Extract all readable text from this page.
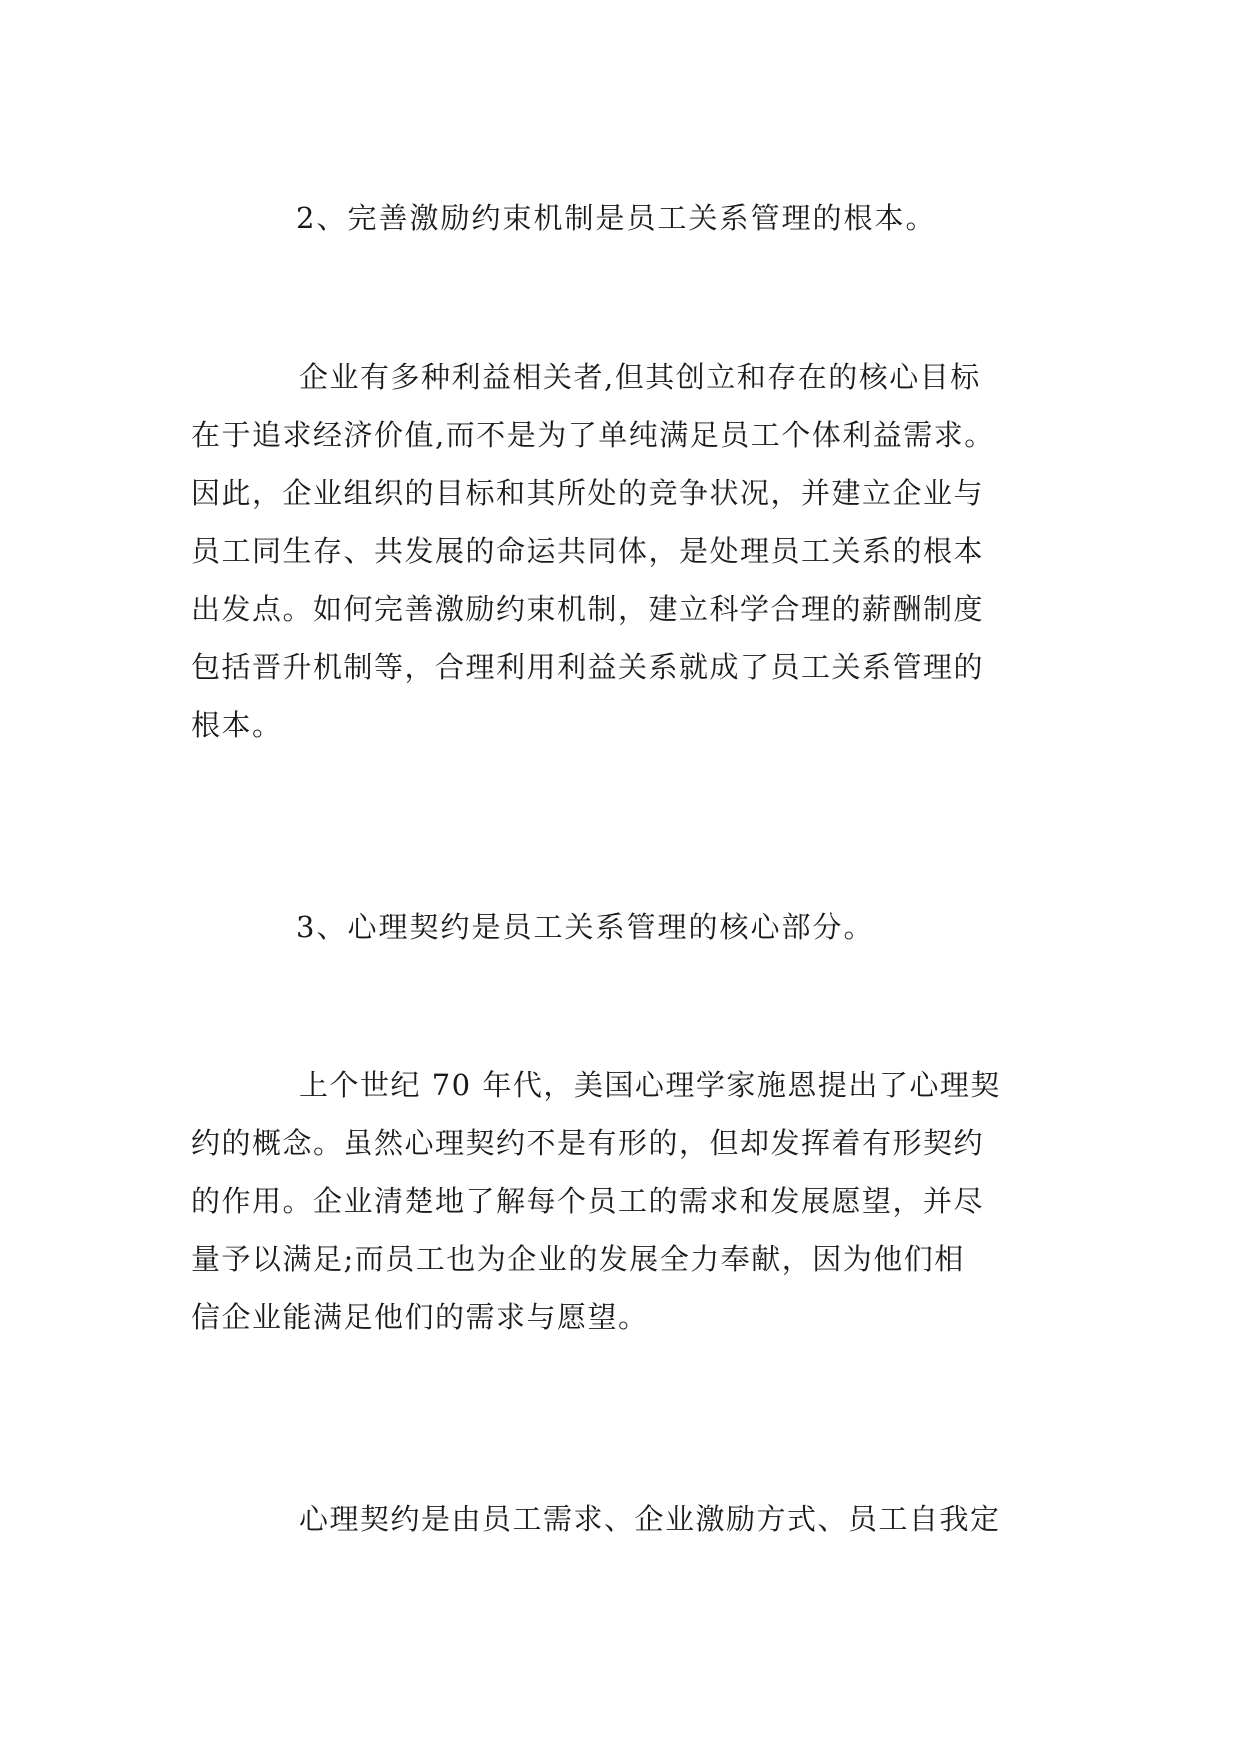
2、完善激励约束机制是员工关系管理的根本。

企业有多种利益相关者,但其创立和存在的核心目标
在于追求经济价值,而不是为了单纯满足员工个体利益需求。
因此，企业组织的目标和其所处的竞争状况，并建立企业与
员工同生存、共发展的命运共同体，是处理员工关系的根本
出发点。如何完善激励约束机制，建立科学合理的薪酬制度
包括晋升机制等，合理利用利益关系就成了员工关系管理的
根本。

3、心理契约是员工关系管理的核心部分。

上个世纪 70 年代，美国心理学家施恩提出了心理契
约的概念。虽然心理契约不是有形的，但却发挥着有形契约
的作用。企业清楚地了解每个员工的需求和发展愿望，并尽
量予以满足;而员工也为企业的发展全力奉献，因为他们相
信企业能满足他们的需求与愿望。
心理契约是由员工需求、企业激励方式、员工自我定
